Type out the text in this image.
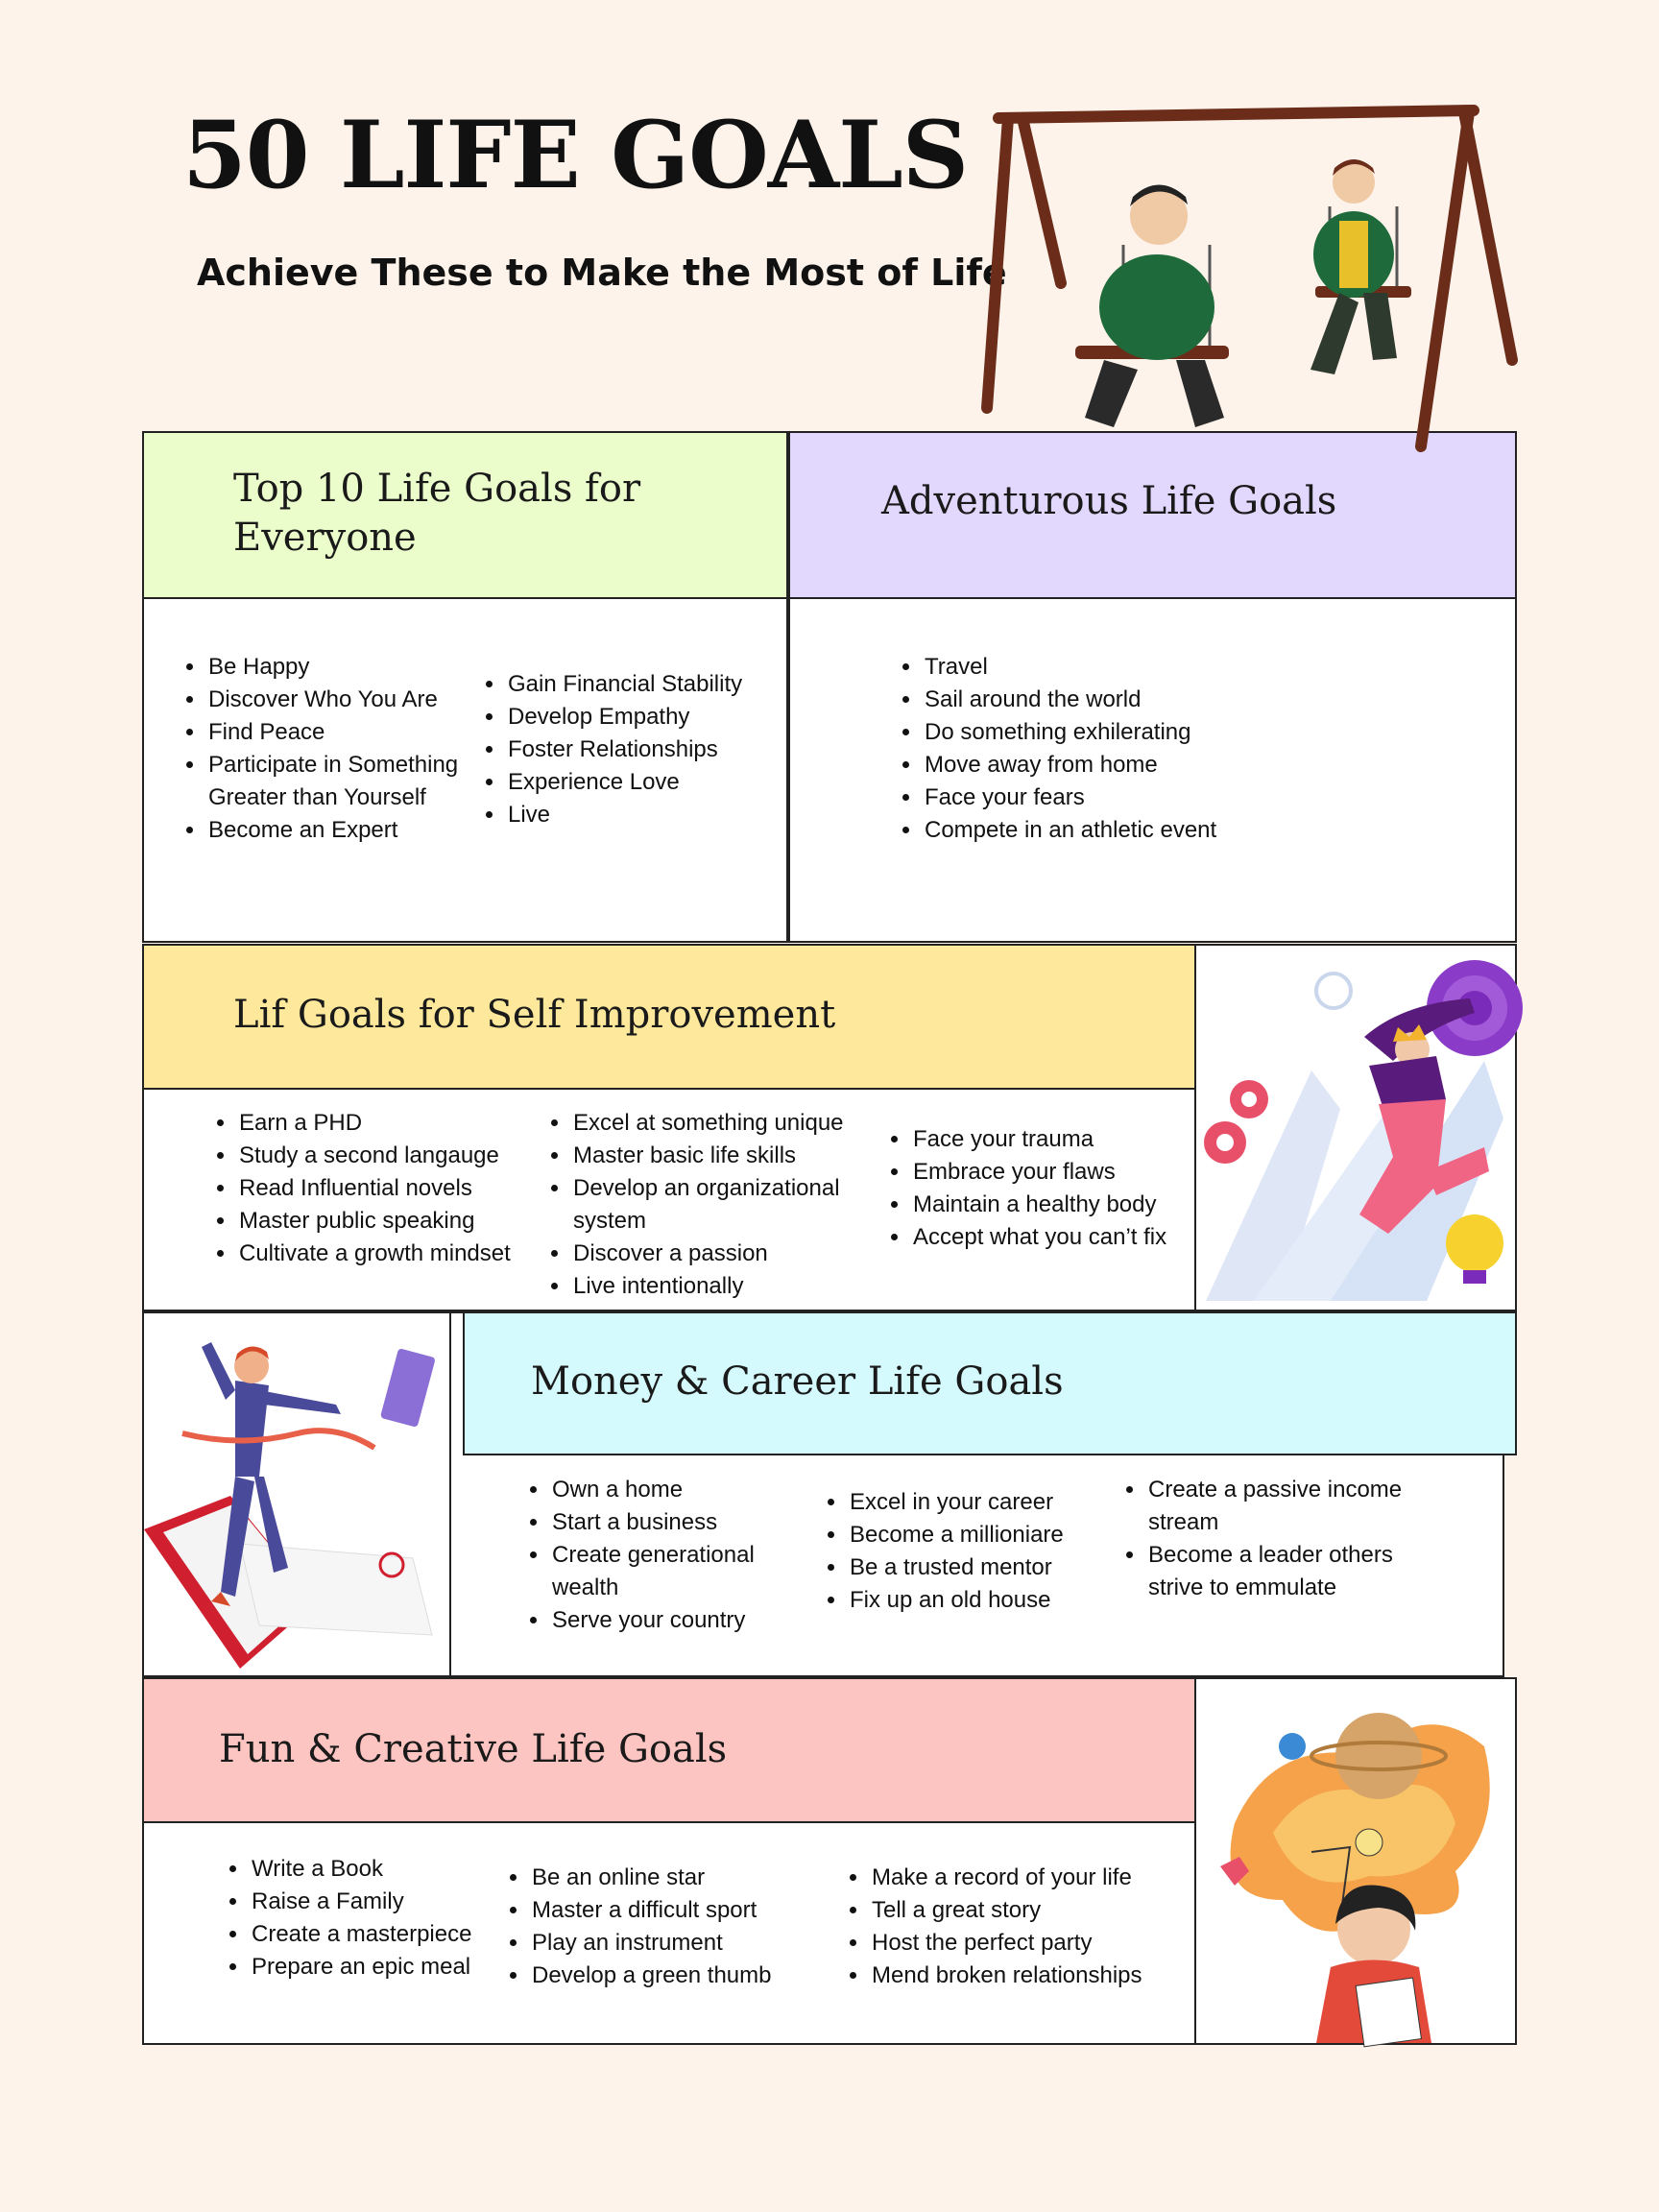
50 LIFE GOALS
Achieve These to Make the Most of Life
Top 10 Life Goals for Everyone
Adventurous Life Goals
Lif Goals for Self Improvement
Money & Career Life Goals
Fun & Creative Life Goals
• Be Happy
• Discover Who You Are
• Find Peace
• Participate in Something Greater than Yourself
• Become an Expert
• Gain Financial Stability
• Develop Empathy
• Foster Relationships
• Experience Love
• Live
• Travel
• Sail around the world
• Do something exhilerating
• Move away from home
• Face your fears
• Compete in an athletic event
• Earn a PHD
• Study a second langauge
• Read Influential novels
• Master public speaking
• Cultivate a growth mindset
• Excel at something unique
• Master basic life skills
• Develop an organizational system
• Discover a passion
• Live intentionally
• Face your trauma
• Embrace your flaws
• Maintain a healthy body
• Accept what you can’t fix
• Own a home
• Start a business
• Create generational wealth
• Serve your country
• Excel in your career
• Become a millioniare
• Be a trusted mentor
• Fix up an old house
• Create a passive income stream
• Become a leader others strive to emmulate
• Write a Book
• Raise a Family
• Create a masterpiece
• Prepare an epic meal
• Be an online star
• Master a difficult sport
• Play an instrument
• Develop a green thumb
• Make a record of your life
• Tell a great story
• Host the perfect party
• Mend broken relationships
